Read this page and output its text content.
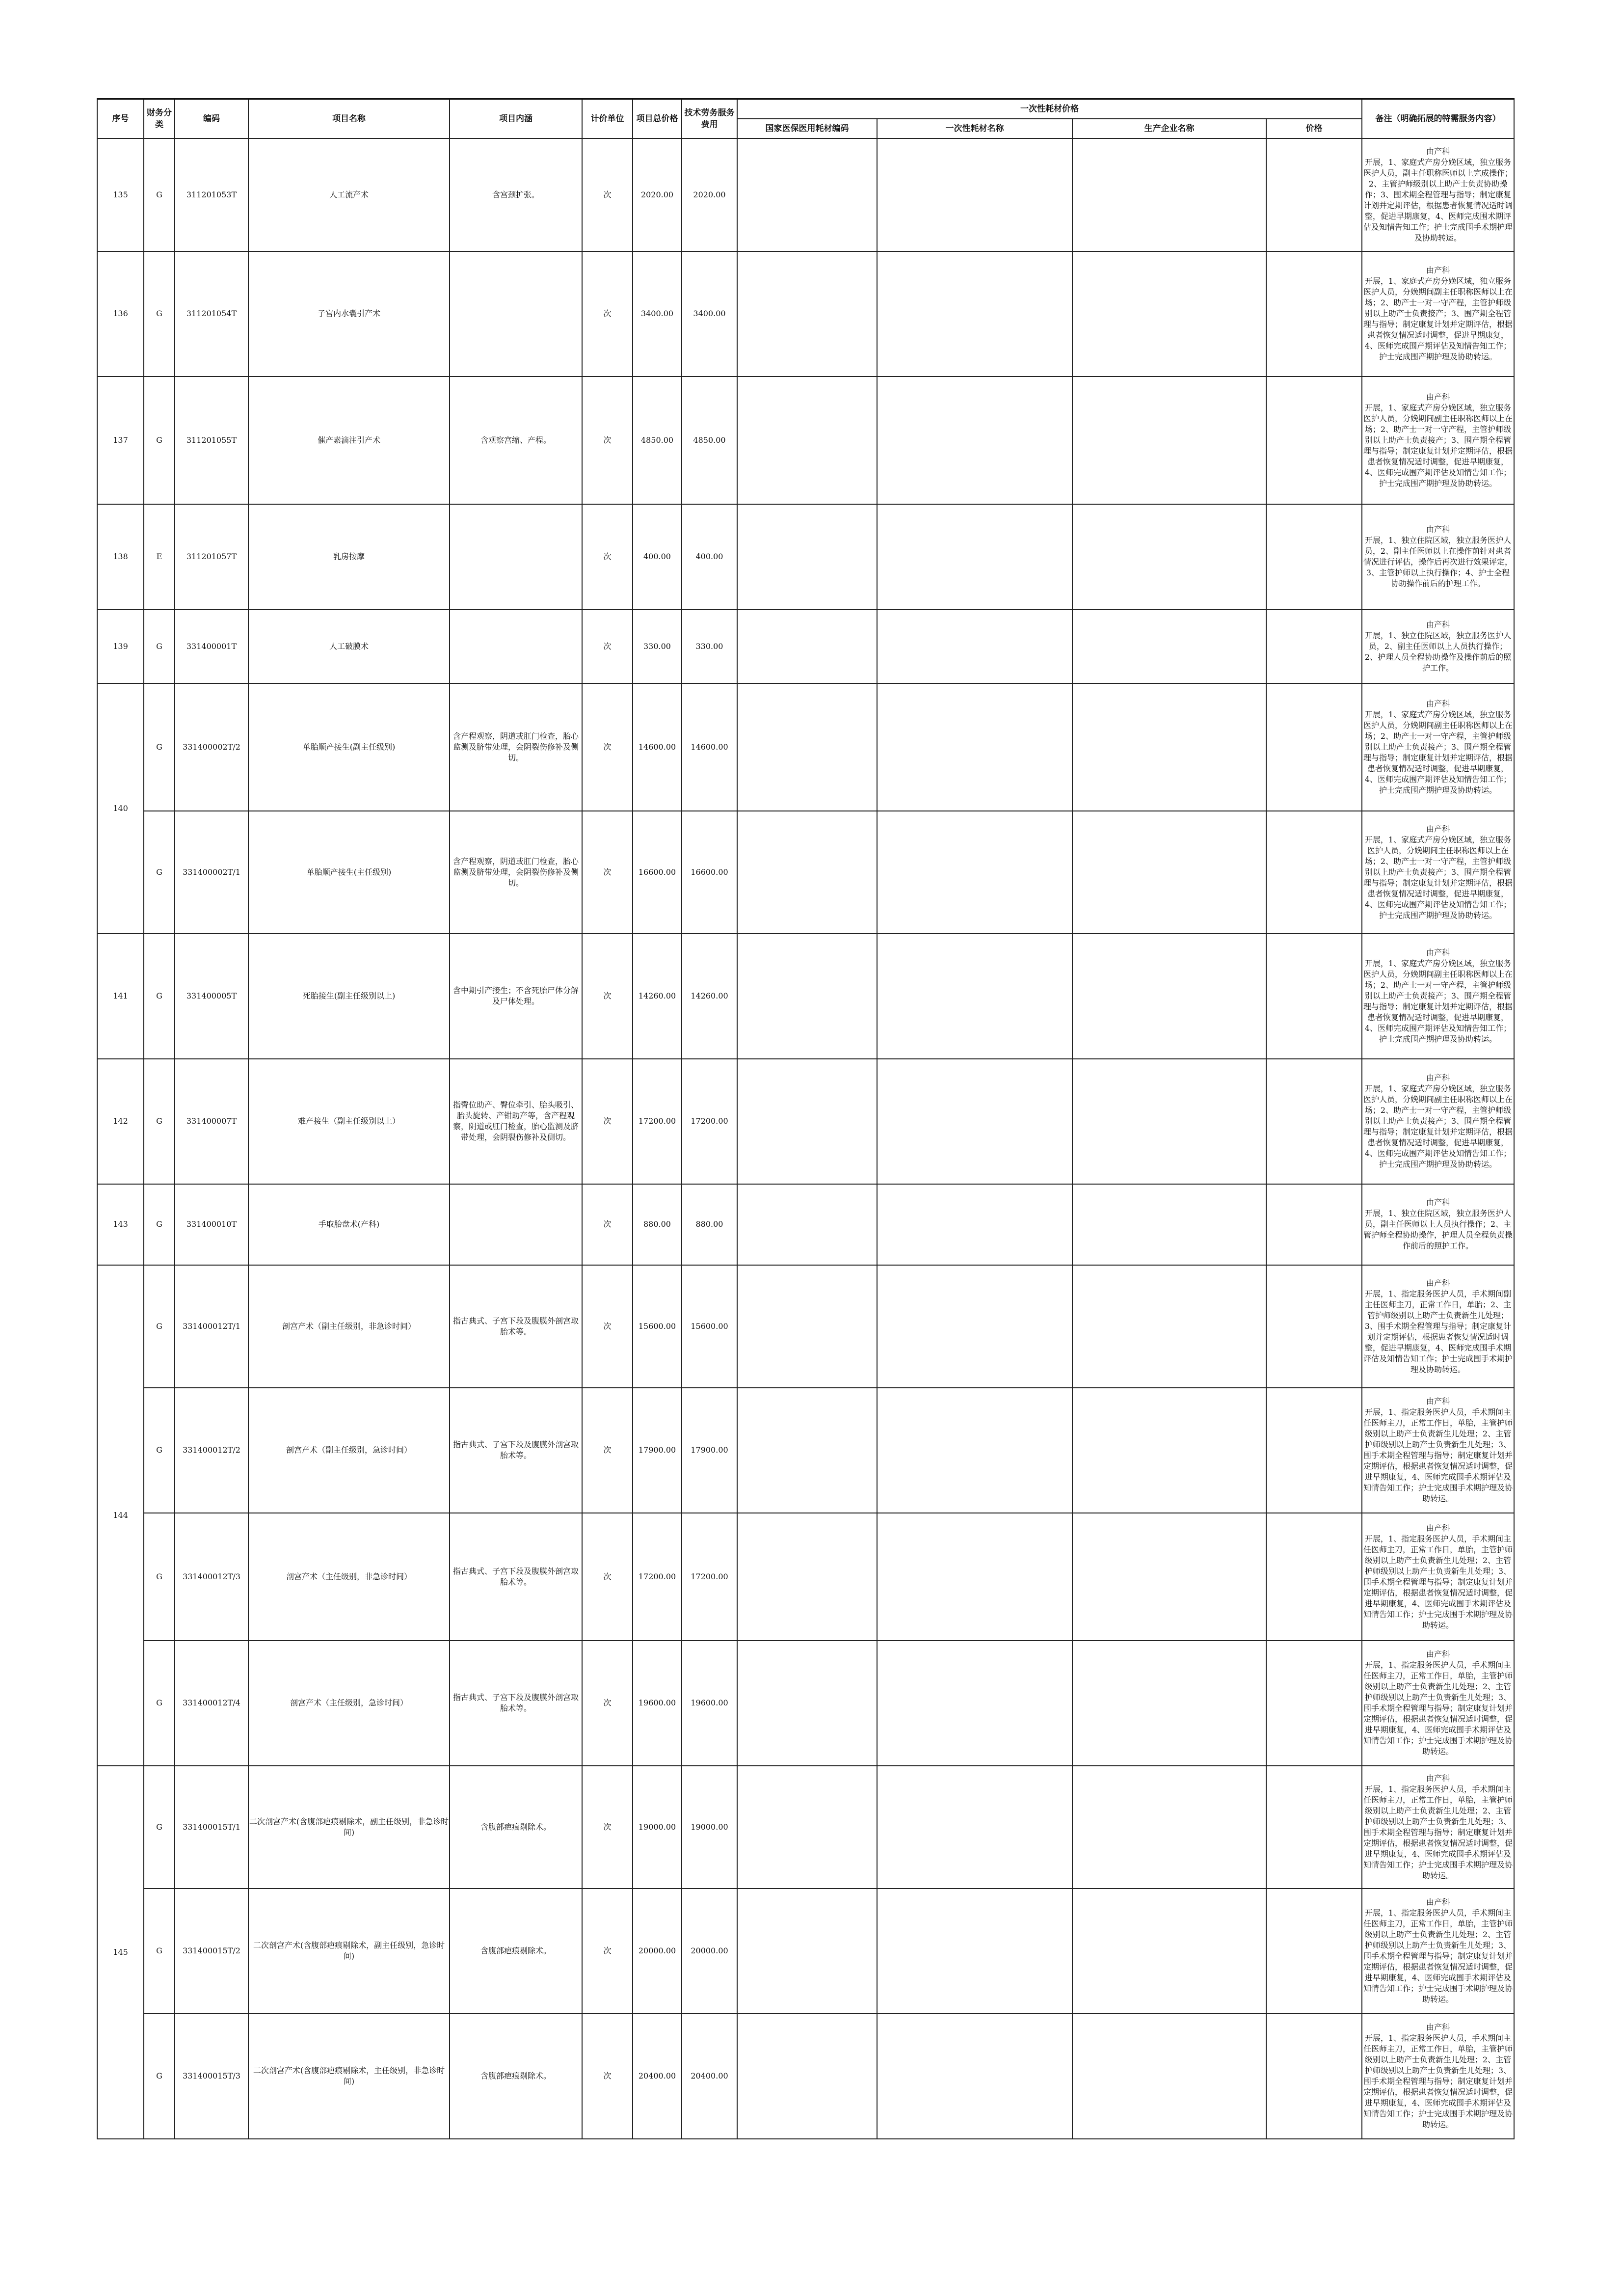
序号	财务分类	编码	项目名称	项目内涵	计价单位	项目总价格	技术劳务服务费用	一次性耗材价格				备注（明确拓展的特需服务内容）
								国家医保医用耗材编码	一次性耗材名称	生产企业名称	价格	
135	G	311201053T	人工流产术	含宫颈扩张。	次	2020.00	2020.00					由产科
开展，1、家庭式产房分娩区域，独立服务医护人员，副主任职称医师以上完成操作；2、主管护师级别以上助产士负责协助操作；3、围术期全程管理与指导；制定康复计划并定期评估，根据患者恢复情况适时调整，促进早期康复，4、医师完成围术期评估及知情告知工作；护士完成围手术期护理及协助转运。
136	G	311201054T	子宫内水囊引产术		次	3400.00	3400.00					由产科
开展，1、家庭式产房分娩区域，独立服务医护人员，分娩期间副主任职称医师以上在场；2、助产士一对一守产程，主管护师级别以上助产士负责接产；3、围产期全程管理与指导；制定康复计划并定期评估，根据患者恢复情况适时调整，促进早期康复，4、医师完成围产期评估及知情告知工作；护士完成围产期护理及协助转运。
137	G	311201055T	催产素滴注引产术	含观察宫缩、产程。	次	4850.00	4850.00					由产科
开展，1、家庭式产房分娩区域，独立服务医护人员，分娩期间副主任职称医师以上在场；2、助产士一对一守产程，主管护师级别以上助产士负责接产；3、围产期全程管理与指导；制定康复计划并定期评估，根据患者恢复情况适时调整，促进早期康复，4、医师完成围产期评估及知情告知工作；护士完成围产期护理及协助转运。
138	E	311201057T	乳房按摩		次	400.00	400.00					由产科
开展，1、独立住院区域，独立服务医护人员，2、副主任医师以上在操作前针对患者情况进行评估，操作后再次进行效果评定，3、主管护师以上执行操作；4、护士全程协助操作前后的护理工作。
139	G	331400001T	人工破膜术		次	330.00	330.00					由产科
开展，1、独立住院区域，独立服务医护人员，2、副主任医师以上人员执行操作；2、护理人员全程协助操作及操作前后的照护工作。
140	G	331400002T/2	单胎顺产接生(副主任级别)	含产程观察，阴道或肛门检查，胎心监测及脐带处理，会阴裂伤修补及侧切。	次	14600.00	14600.00					由产科
开展，1、家庭式产房分娩区域，独立服务医护人员，分娩期间副主任职称医师以上在场；2、助产士一对一守产程，主管护师级别以上助产士负责接产；3、围产期全程管理与指导；制定康复计划并定期评估，根据患者恢复情况适时调整，促进早期康复，4、医师完成围产期评估及知情告知工作；护士完成围产期护理及协助转运。
	G	331400002T/1	单胎顺产接生(主任级别)	含产程观察，阴道或肛门检查，胎心监测及脐带处理，会阴裂伤修补及侧切。	次	16600.00	16600.00					由产科
开展，1、家庭式产房分娩区域，独立服务医护人员，分娩期间主任职称医师以上在场；2、助产士一对一守产程，主管护师级别以上助产士负责接产；3、围产期全程管理与指导；制定康复计划并定期评估，根据患者恢复情况适时调整，促进早期康复，4、医师完成围产期评估及知情告知工作；护士完成围产期护理及协助转运。
141	G	331400005T	死胎接生(副主任级别以上)	含中期引产接生；不含死胎尸体分解及尸体处理。	次	14260.00	14260.00					由产科
开展，1、家庭式产房分娩区域，独立服务医护人员，分娩期间副主任职称医师以上在场；2、助产士一对一守产程，主管护师级别以上助产士负责接产；3、围产期全程管理与指导；制定康复计划并定期评估，根据患者恢复情况适时调整，促进早期康复，4、医师完成围产期评估及知情告知工作；护士完成围产期护理及协助转运。
142	G	331400007T	难产接生（副主任级别以上）	指臀位助产、臀位牵引、胎头吸引、胎头旋转、产钳助产等，含产程观察，阴道或肛门检查，胎心监测及脐带处理，会阴裂伤修补及侧切。	次	17200.00	17200.00					由产科
开展，1、家庭式产房分娩区域，独立服务医护人员，分娩期间副主任职称医师以上在场；2、助产士一对一守产程，主管护师级别以上助产士负责接产；3、围产期全程管理与指导；制定康复计划并定期评估，根据患者恢复情况适时调整，促进早期康复，4、医师完成围产期评估及知情告知工作；护士完成围产期护理及协助转运。
143	G	331400010T	手取胎盘术(产科)		次	880.00	880.00					由产科
开展，1、独立住院区域，独立服务医护人员，副主任医师以上人员执行操作；2、主管护师全程协助操作，护理人员全程负责操作前后的照护工作。
144	G	331400012T/1	剖宫产术（副主任级别，非急诊时间）	指古典式、子宫下段及腹膜外剖宫取胎术等。	次	15600.00	15600.00					由产科
开展，1、指定服务医护人员，手术期间副主任医师主刀，正常工作日，单胎；2、主管护师级别以上助产士负责新生儿处理；3、围手术期全程管理与指导；制定康复计划并定期评估，根据患者恢复情况适时调整，促进早期康复，4、医师完成围手术期评估及知情告知工作；护士完成围手术期护理及协助转运。
	G	331400012T/2	剖宫产术（副主任级别，急诊时间）	指古典式、子宫下段及腹膜外剖宫取胎术等。	次	17900.00	17900.00					由产科
开展，1、指定服务医护人员，手术期间主任医师主刀，正常工作日，单胎，主管护师级别以上助产士负责新生儿处理；2、主管护师级别以上助产士负责新生儿处理；3、围手术期全程管理与指导；制定康复计划并定期评估，根据患者恢复情况适时调整，促进早期康复，4、医师完成围手术期评估及知情告知工作；护士完成围手术期护理及协助转运。
	G	331400012T/3	剖宫产术（主任级别，非急诊时间）	指古典式、子宫下段及腹膜外剖宫取胎术等。	次	17200.00	17200.00					由产科
开展，1、指定服务医护人员，手术期间主任医师主刀，正常工作日，单胎，主管护师级别以上助产士负责新生儿处理；2、主管护师级别以上助产士负责新生儿处理；3、围手术期全程管理与指导；制定康复计划并定期评估，根据患者恢复情况适时调整，促进早期康复，4、医师完成围手术期评估及知情告知工作；护士完成围手术期护理及协助转运。
	G	331400012T/4	剖宫产术（主任级别，急诊时间）	指古典式、子宫下段及腹膜外剖宫取胎术等。	次	19600.00	19600.00					由产科
开展，1、指定服务医护人员，手术期间主任医师主刀，正常工作日，单胎，主管护师级别以上助产士负责新生儿处理；2、主管护师级别以上助产士负责新生儿处理；3、围手术期全程管理与指导；制定康复计划并定期评估，根据患者恢复情况适时调整，促进早期康复，4、医师完成围手术期评估及知情告知工作；护士完成围手术期护理及协助转运。
145	G	331400015T/1	二次剖宫产术(含腹部疤痕剔除术，副主任级别，非急诊时间)	含腹部疤痕剔除术。	次	19000.00	19000.00					由产科
开展，1、指定服务医护人员，手术期间主任医师主刀，正常工作日，单胎，主管护师级别以上助产士负责新生儿处理；2、主管护师级别以上助产士负责新生儿处理；3、围手术期全程管理与指导；制定康复计划并定期评估，根据患者恢复情况适时调整，促进早期康复，4、医师完成围手术期评估及知情告知工作；护士完成围手术期护理及协助转运。
	G	331400015T/2	二次剖宫产术(含腹部疤痕剔除术，副主任级别，急诊时间)	含腹部疤痕剔除术。	次	20000.00	20000.00					由产科
开展，1、指定服务医护人员，手术期间主任医师主刀，正常工作日，单胎，主管护师级别以上助产士负责新生儿处理；2、主管护师级别以上助产士负责新生儿处理；3、围手术期全程管理与指导；制定康复计划并定期评估，根据患者恢复情况适时调整，促进早期康复，4、医师完成围手术期评估及知情告知工作；护士完成围手术期护理及协助转运。
	G	331400015T/3	二次剖宫产术(含腹部疤痕剔除术，主任级别，非急诊时间)	含腹部疤痕剔除术。	次	20400.00	20400.00					由产科
开展，1、指定服务医护人员，手术期间主任医师主刀，正常工作日，单胎，主管护师级别以上助产士负责新生儿处理；2、主管护师级别以上助产士负责新生儿处理；3、围手术期全程管理与指导；制定康复计划并定期评估，根据患者恢复情况适时调整，促进早期康复，4、医师完成围手术期评估及知情告知工作；护士完成围手术期护理及协助转运。
